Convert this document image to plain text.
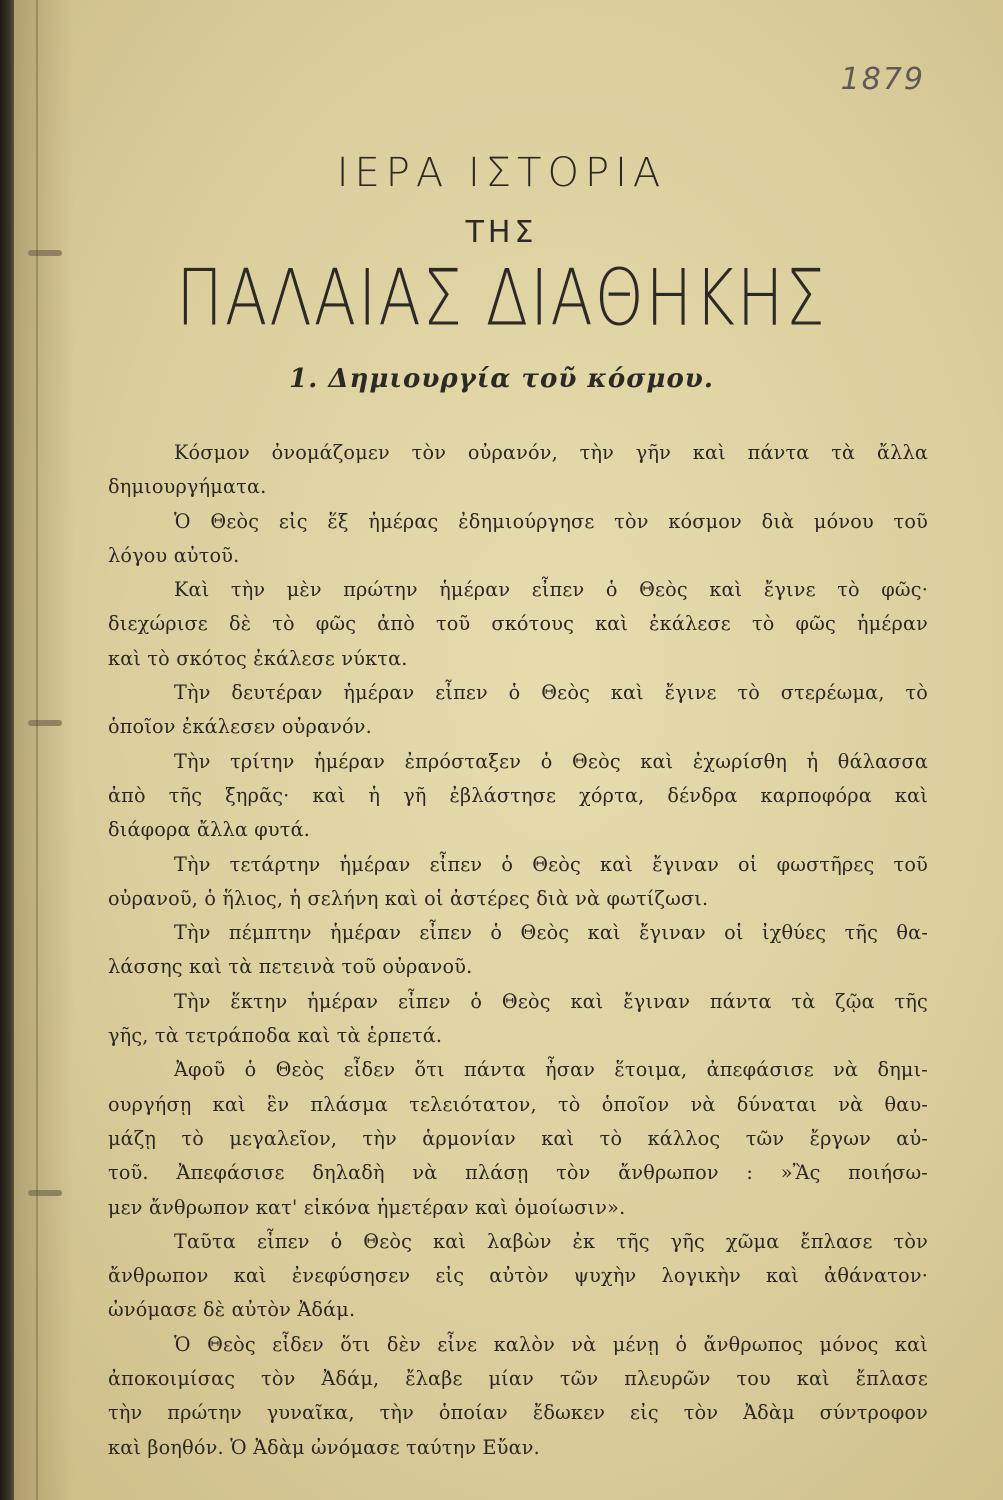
1879
ΙΕΡΑ ΙΣΤΟΡΙΑ
ΤΗΣ
ΠΑΛΑΙΑΣ ΔΙΑΘΗΚΗΣ
1. Δημιουργία τοῦ κόσμου.
Κόσμον ὀνομάζομεν τὸν οὐρανόν, τὴν γῆν καὶ πάντα τὰ ἄλλα
δημιουργήματα.
Ὁ Θεὸς εἰς ἕξ ἡμέρας ἐδημιούργησε τὸν κόσμον διὰ μόνου τοῦ
λόγου αὐτοῦ.
Καὶ τὴν μὲν πρώτην ἡμέραν εἶπεν ὁ Θεὸς καὶ ἔγινε τὸ φῶς·
διεχώρισε δὲ τὸ φῶς ἀπὸ τοῦ σκότους καὶ ἐκάλεσε τὸ φῶς ἡμέραν
καὶ τὸ σκότος ἐκάλεσε νύκτα.
Τὴν δευτέραν ἡμέραν εἶπεν ὁ Θεὸς καὶ ἔγινε τὸ στερέωμα, τὸ
ὁποῖον ἐκάλεσεν οὐρανόν.
Τὴν τρίτην ἡμέραν ἐπρόσταξεν ὁ Θεὸς καὶ ἐχωρίσθη ἡ θάλασσα
ἀπὸ τῆς ξηρᾶς· καὶ ἡ γῆ ἐβλάστησε χόρτα, δένδρα καρποφόρα καὶ
διάφορα ἄλλα φυτά.
Τὴν τετάρτην ἡμέραν εἶπεν ὁ Θεὸς καὶ ἔγιναν οἱ φωστῆρες τοῦ
οὐρανοῦ, ὁ ἥλιος, ἡ σελήνη καὶ οἱ ἀστέρες διὰ νὰ φωτίζωσι.
Τὴν πέμπτην ἡμέραν εἶπεν ὁ Θεὸς καὶ ἔγιναν οἱ ἰχθύες τῆς θα-
λάσσης καὶ τὰ πετεινὰ τοῦ οὐρανοῦ.
Τὴν ἕκτην ἡμέραν εἶπεν ὁ Θεὸς καὶ ἔγιναν πάντα τὰ ζῷα τῆς
γῆς, τὰ τετράποδα καὶ τὰ ἑρπετά.
Ἀφοῦ ὁ Θεὸς εἶδεν ὅτι πάντα ἦσαν ἕτοιμα, ἀπεφάσισε νὰ δημι-
ουργήσῃ καὶ ἓν πλάσμα τελειότατον, τὸ ὁποῖον νὰ δύναται νὰ θαυ-
μάζῃ τὸ μεγαλεῖον, τὴν ἁρμονίαν καὶ τὸ κάλλος τῶν ἔργων αὐ-
τοῦ. Ἀπεφάσισε δηλαδὴ νὰ πλάσῃ τὸν ἄνθρωπον : »Ἂς ποιήσω-
μεν ἄνθρωπον κατ' εἰκόνα ἡμετέραν καὶ ὁμοίωσιν».
Ταῦτα εἶπεν ὁ Θεὸς καὶ λαβὼν ἐκ τῆς γῆς χῶμα ἔπλασε τὸν
ἄνθρωπον καὶ ἐνεφύσησεν εἰς αὐτὸν ψυχὴν λογικὴν καὶ ἀθάνατον·
ὠνόμασε δὲ αὐτὸν Ἀδάμ.
Ὁ Θεὸς εἶδεν ὅτι δὲν εἶνε καλὸν νὰ μένῃ ὁ ἄνθρωπος μόνος καὶ
ἀποκοιμίσας τὸν Ἀδάμ, ἔλαβε μίαν τῶν πλευρῶν του καὶ ἔπλασε
τὴν πρώτην γυναῖκα, τὴν ὁποίαν ἔδωκεν εἰς τὸν Ἀδὰμ σύντροφον
καὶ βοηθόν. Ὁ Ἀδὰμ ὠνόμασε ταύτην Εὔαν.
